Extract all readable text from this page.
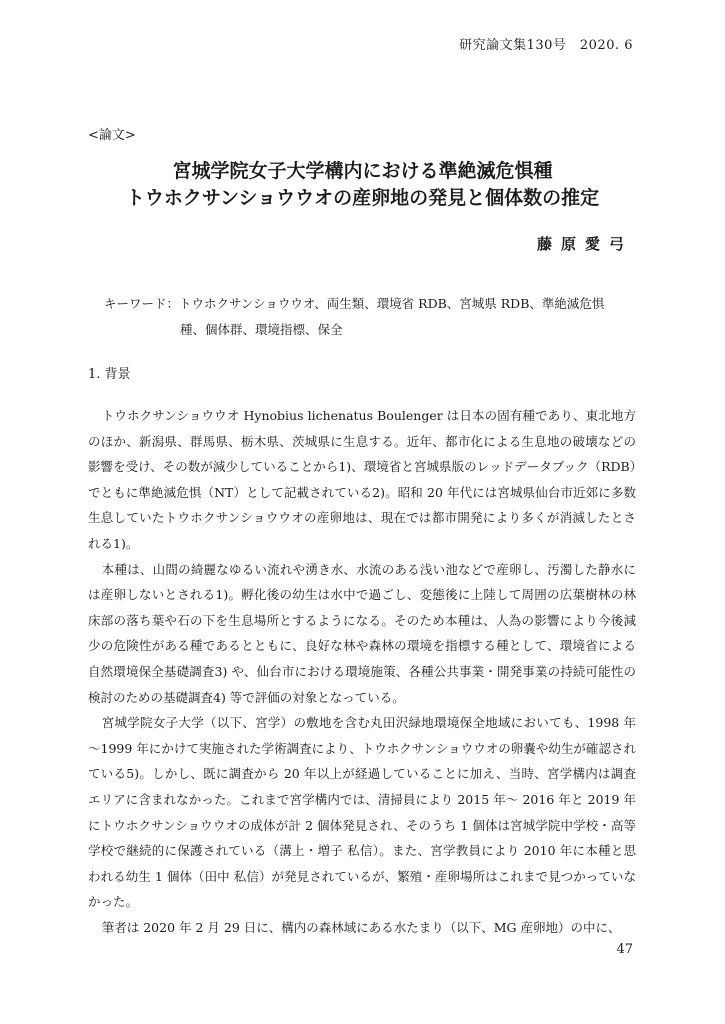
研究論文集130号　2020. 6
<論文>
宮城学院女子大学構内における準絶滅危惧種
トウホクサンショウウオの産卵地の発見と個体数の推定
藤原愛弓
キーワード：トウホクサンショウウオ、両生類、環境省 RDB、宮城県 RDB、準絶滅危惧
種、個体群、環境指標、保全
1. 背景

トウホクサンショウウオ Hynobius lichenatus Boulenger は日本の固有種であり、東北地方のほか、新潟県、群馬県、栃木県、茨城県に生息する。近年、都市化による生息地の破壊などの影響を受け、その数が減少していることから1)、環境省と宮城県版のレッドデータブック（RDB）でともに準絶滅危惧（NT）として記載されている2)。昭和 20 年代には宮城県仙台市近郊に多数生息していたトウホクサンショウウオの産卵地は、現在では都市開発により多くが消滅したとされる1)。

本種は、山間の綺麗なゆるい流れや湧き水、水流のある浅い池などで産卵し、汚濁した静水には産卵しないとされる1)。孵化後の幼生は水中で過ごし、変態後に上陸して周囲の広葉樹林の林床部の落ち葉や石の下を生息場所とするようになる。そのため本種は、人為の影響により今後減少の危険性がある種であるとともに、良好な林や森林の環境を指標する種として、環境省による自然環境保全基礎調査3) や、仙台市における環境施策、各種公共事業・開発事業の持続可能性の検討のための基礎調査4) 等で評価の対象となっている。

宮城学院女子大学（以下、宮学）の敷地を含む丸田沢緑地環境保全地域においても、1998 年～1999 年にかけて実施された学術調査により、トウホクサンショウウオの卵嚢や幼生が確認されている5)。しかし、既に調査から 20 年以上が経過していることに加え、当時、宮学構内は調査エリアに含まれなかった。これまで宮学構内では、清掃員により 2015 年～ 2016 年と 2019 年にトウホクサンショウウオの成体が計 2 個体発見され、そのうち 1 個体は宮城学院中学校・高等学校で継続的に保護されている（溝上・増子 私信）。また、宮学教員により 2010 年に本種と思われる幼生 1 個体（田中 私信）が発見されているが、繁殖・産卵場所はこれまで見つかっていなかった。

筆者は 2020 年 2 月 29 日に、構内の森林域にある水たまり（以下、MG 産卵地）の中に、

47
